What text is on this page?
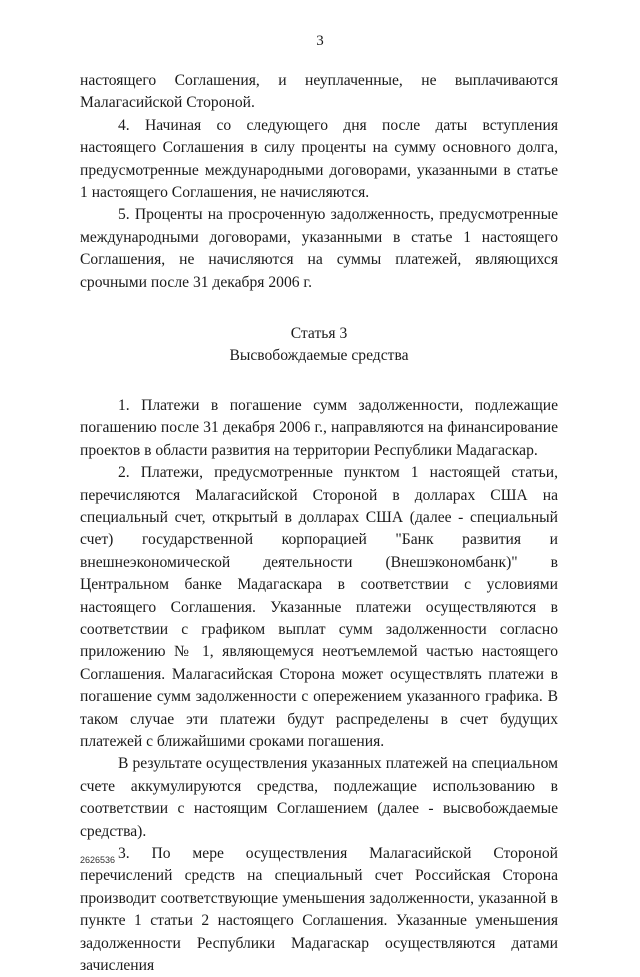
3

настоящего Соглашения, и неуплаченные, не выплачиваются Малагасийской Стороной.

4. Начиная со следующего дня после даты вступления настоящего Соглашения в силу проценты на сумму основного долга, предусмотренные международными договорами, указанными в статье 1 настоящего Соглашения, не начисляются.

5. Проценты на просроченную задолженность, предусмотренные международными договорами, указанными в статье 1 настоящего Соглашения, не начисляются на суммы платежей, являющихся срочными после 31 декабря 2006 г.

Статья 3

Высвобождаемые средства

1. Платежи в погашение сумм задолженности, подлежащие погашению после 31 декабря 2006 г., направляются на финансирование проектов в области развития на территории Республики Мадагаскар.

2. Платежи, предусмотренные пунктом 1 настоящей статьи, перечисляются Малагасийской Стороной в долларах США на специальный счет, открытый в долларах США (далее - специальный счет) государственной корпорацией "Банк развития и внешнеэкономической деятельности (Внешэкономбанк)" в Центральном банке Мадагаскара в соответствии с условиями настоящего Соглашения. Указанные платежи осуществляются в соответствии с графиком выплат сумм задолженности согласно приложению № 1, являющемуся неотъемлемой частью настоящего Соглашения. Малагасийская Сторона может осуществлять платежи в погашение сумм задолженности с опережением указанного графика. В таком случае эти платежи будут распределены в счет будущих платежей с ближайшими сроками погашения.

В результате осуществления указанных платежей на специальном счете аккумулируются средства, подлежащие использованию в соответствии с настоящим Соглашением (далее - высвобождаемые средства).

3. По мере осуществления Малагасийской Стороной перечислений средств на специальный счет Российская Сторона производит соответствующие уменьшения задолженности, указанной в пункте 1 статьи 2 настоящего Соглашения. Указанные уменьшения задолженности Республики Мадагаскар осуществляются датами зачисления

2626536
